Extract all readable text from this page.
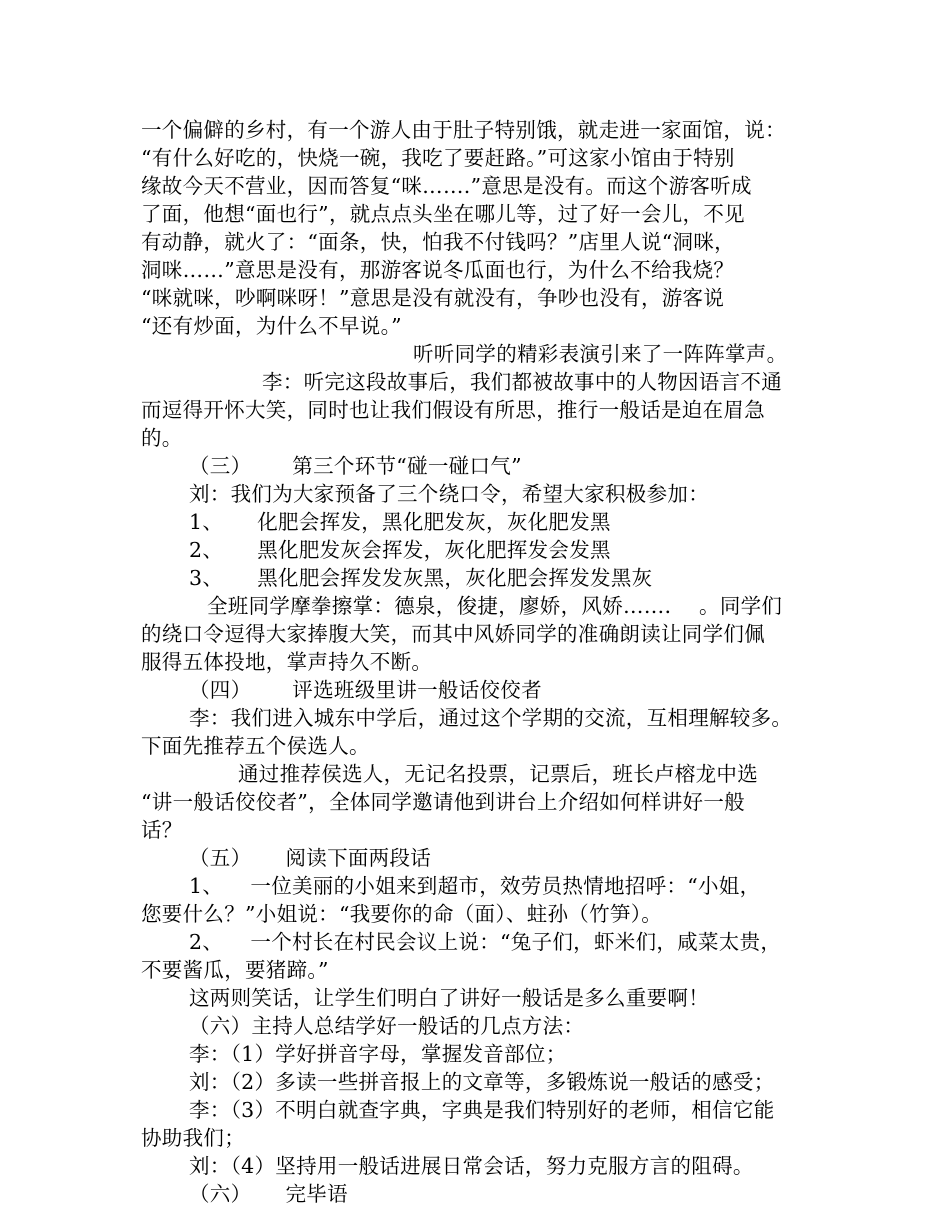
一个偏僻的乡村，有一个游人由于肚子特别饿，就走进一家面馆，说：
“有什么好吃的，快烧一碗，我吃了要赶路。”可这家小馆由于特别
缘故今天不营业，因而答复“咪…….”意思是没有。而这个游客听成
了面，他想“面也行”，就点点头坐在哪儿等，过了好一会儿，不见
有动静，就火了：“面条，快，怕我不付钱吗？”店里人说“洞咪，
洞咪……”意思是没有，那游客说冬瓜面也行，为什么不给我烧？
“咪就咪，吵啊咪呀！”意思是没有就没有，争吵也没有，游客说
“还有炒面，为什么不早说。”
听听同学的精彩表演引来了一阵阵掌声。
李：听完这段故事后，我们都被故事中的人物因语言不通
而逗得开怀大笑，同时也让我们假设有所思，推行一般话是迫在眉急
的。
（三）      第三个环节“碰一碰口气”
刘：我们为大家预备了三个绕口令，希望大家积极参加：
1、     化肥会挥发，黑化肥发灰，灰化肥发黑
2、     黑化肥发灰会挥发，灰化肥挥发会发黑
3、     黑化肥会挥发发灰黑，灰化肥会挥发发黑灰
全班同学摩拳擦掌：德泉，俊捷，廖娇，风娇……．  。同学们
的绕口令逗得大家捧腹大笑，而其中风娇同学的准确朗读让同学们佩
服得五体投地，掌声持久不断。
（四）      评选班级里讲一般话佼佼者
李：我们进入城东中学后，通过这个学期的交流，互相理解较多。
下面先推荐五个侯选人。
通过推荐侯选人，无记名投票，记票后，班长卢榕龙中选
“讲一般话佼佼者”，全体同学邀请他到讲台上介绍如何样讲好一般
话？
（五）     阅读下面两段话
1、    一位美丽的小姐来到超市，效劳员热情地招呼：“小姐，
您要什么？”小姐说：“我要你的命（面）、蛀孙（竹笋）。
2、    一个村长在村民会议上说：“兔子们，虾米们，咸菜太贵，
不要酱瓜，要猪蹄。”
这两则笑话，让学生们明白了讲好一般话是多么重要啊！
（六）主持人总结学好一般话的几点方法：
李：（1）学好拼音字母，掌握发音部位；
刘：（2）多读一些拼音报上的文章等，多锻炼说一般话的感受；
李：（3）不明白就查字典，字典是我们特别好的老师，相信它能
协助我们；
刘：（4）坚持用一般话进展日常会话，努力克服方言的阻碍。
（六）     完毕语
